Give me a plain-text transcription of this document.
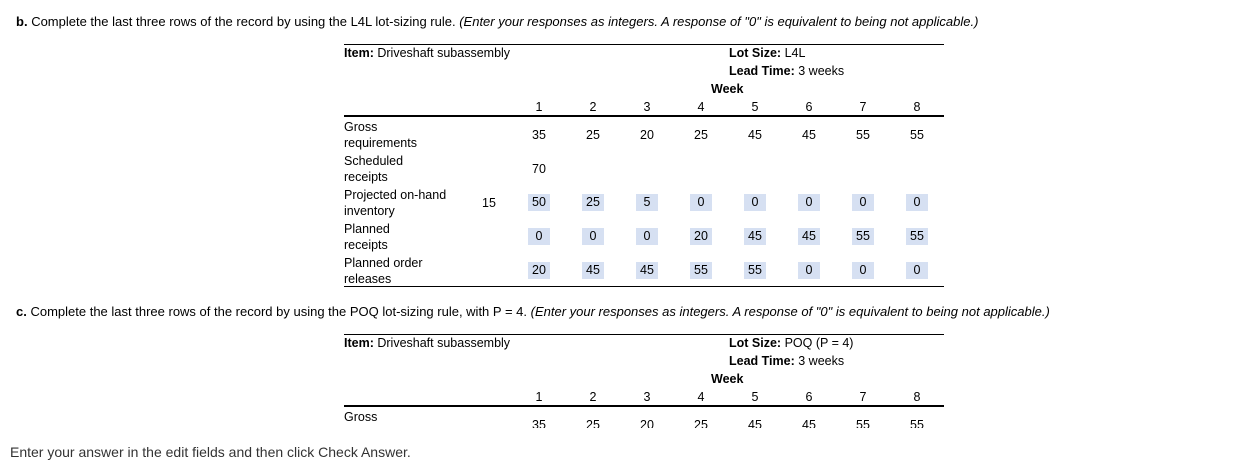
b. Complete the last three rows of the record by using the L4L lot-sizing rule. (Enter your responses as integers. A response of "0" is equivalent to being not applicable.)
Item: Driveshaft subassembly	Lot Size: L4L
Lead Time: 3 weeks
Week
1	2	3	4	5	6	7	8
Gross
requirements
35	25	20	25	45	45	55	55
Scheduled
receipts
70
Projected on-hand
inventory
15	50	25	5	0	0	0	0	0
Planned
receipts
0	0	0	20	45	45	55	55
Planned order
releases
20	45	45	55	55	0	0	0
c. Complete the last three rows of the record by using the POQ lot-sizing rule, with P = 4. (Enter your responses as integers. A response of "0" is equivalent to being not applicable.)
Item: Driveshaft subassembly	Lot Size: POQ (P = 4)
Lead Time: 3 weeks
Week
1	2	3	4	5	6	7	8
Gross
35	25	20	25	45	45	55	55
Enter your answer in the edit fields and then click Check Answer.
